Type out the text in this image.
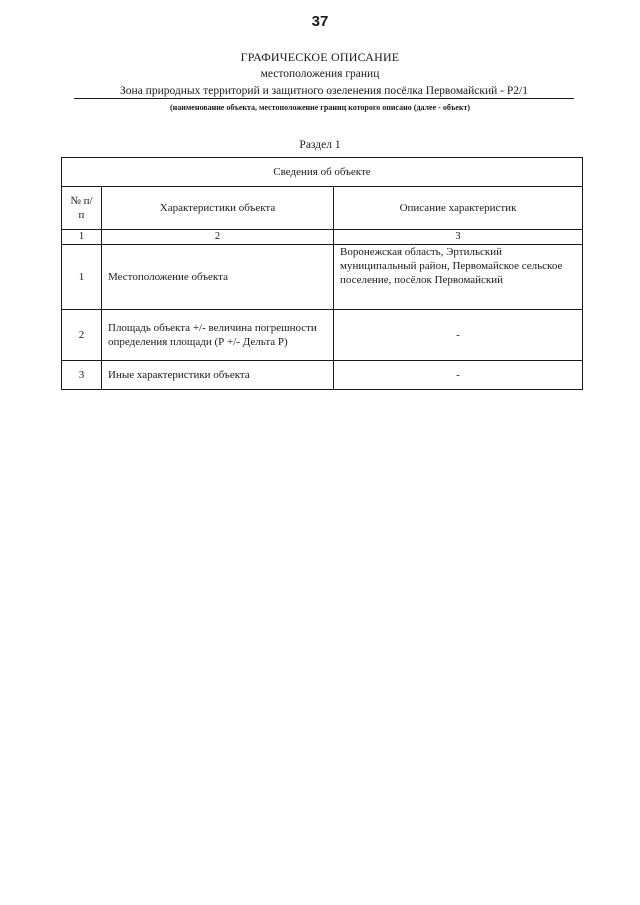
37
ГРАФИЧЕСКОЕ ОПИСАНИЕ
местоположения границ
Зона природных территорий и защитного озеленения посёлка Первомайский - Р2/1
(наименование объекта, местоположение границ которого описано (далее - объект)
Раздел 1
Сведения об объекте		
№ п/п	Характеристики объекта	Описание характеристик
1	2	3
1	Местоположение объекта	Воронежская область, Эртильский муниципальный район, Первомайское сельское поселение, посёлок Первомайский
2	Площадь объекта +/- величина погрешности определения площади (Р +/- Дельта Р)	-
3	Иные характеристики объекта	-
